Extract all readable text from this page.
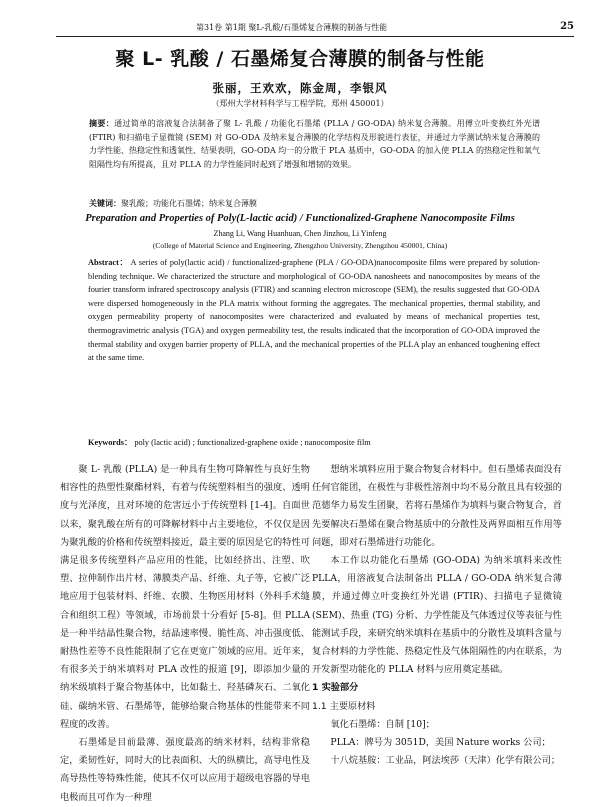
第31卷 第1期 聚L-乳酸/石墨烯复合薄膜的制备与性能	25
聚 L- 乳酸 / 石墨烯复合薄膜的制备与性能
张丽，王欢欢，陈金周，李银风
（郑州大学材料科学与工程学院，郑州 450001）
摘要：通过简单的溶液复合法制备了聚 L- 乳酸 / 功能化石墨烯 (PLLA / GO-ODA) 纳米复合薄膜。用傅立叶变换红外光谱 (FTIR) 和扫描电子显微镜 (SEM) 对 GO-ODA 及纳米复合薄膜的化学结构及形貌进行表征，并通过力学测试纳米复合薄膜的力学性能、热稳定性和透氧性、结果表明，GO-ODA 均一的分散于 PLA 基质中，GO-ODA 的加入使 PLLA 的热稳定性和氧气阻隔性均有所提高，且对 PLLA 的力学性能同时起到了增强和增韧的效果。
关键词：聚乳酸；功能化石墨烯；纳米复合薄膜
Preparation and Properties of Poly(L-lactic acid) / Functionalized-Graphene Nanocomposite Films
Zhang Li, Wang Huanhuan, Chen Jinzhou, Li Yinfeng
(College of Material Science and Engineering, Zhengzhou University, Zhengzhou 450001, China)
Abstract： A series of poly(lactic acid) / functionalized-graphene (PLA / GO-ODA)nanocomposite films were prepared by solution-blending technique. We characterized the structure and morphological of GO-ODA nanosheets and nanocomposites by means of the fourier transform infrared spectroscopy analysis (FTIR) and scanning electron microscope (SEM), the results suggested that GO-ODA were dispersed homogeneously in the PLA matrix without forming the aggregates. The mechanical properties, thermal stability, and oxygen permeability property of nanocomposites were characterized and evaluated by means of mechanical properties test, thermogravimetric analysis (TGA) and oxygen permeability test, the results indicated that the incorporation of GO-ODA improved the thermal stability and oxygen barrier property of PLLA, and the mechanical properties of the PLLA play an enhanced toughening effect at the same time.
Keywords： poly (lactic acid) ; functionalized-graphene oxide ; nanocomposite film

聚 L- 乳酸 (PLLA) 是一种具有生物可降解性与良好生物相容性的热塑性聚酯材料，有着与传统塑料相当的强度、透明度与光泽度，且对环境的危害远小于传统塑料 [1-4]。自面世以来，聚乳酸在所有的可降解材料中占主要地位，不仅仅是因为聚乳酸的价格和传统塑料接近，最主要的原因是它的特性可满足很多传统塑料产品应用的性能，比如经挤出、注塑、吹塑、拉伸制作出片材、薄膜类产品、纤维、丸子等，它被广泛地应用于包装材料、纤维、农膜、生物医用材料（外科手术缝合和组织工程）等领域，市场前景十分看好 [5-8]。但 PLLA 是一种半结晶性聚合物，结晶速率慢、脆性高、冲击强度低、耐热性差等不良性能限制了它在更宽广领域的应用。近年来，有很多关于纳米填料对 PLA 改性的报道 [9]，即添加少量的纳米级填料于聚合物基体中，比如黏土、羟基磷灰石、二氧化硅、碳纳米管、石墨烯等，能够给聚合物基体的性能带来不同程度的改善。

石墨烯是目前最薄、强度最高的纳米材料，结构非常稳定，柔韧性好，同时大的比表面积、大的纵横比，高导电性及高导热性等特殊性能，使其不仅可以应用于超级电容器的导电电极而且可作为一种理

想纳米填料应用于聚合物复合材料中。但石墨烯表面没有任何官能团，在极性与非极性溶剂中均不易分散且具有较强的范德华力易发生团聚，若将石墨烯作为填料与聚合物复合，首先要解决石墨烯在聚合物基质中的分散性及两界面相互作用等问题，即对石墨烯进行功能化。

本工作以功能化石墨烯 (GO-ODA) 为纳米填料来改性 PLLA，用溶液复合法制备出 PLLA / GO-ODA 纳米复合薄膜，并通过傅立叶变换红外光谱 (FTIR)、扫描电子显微镜 (SEM)、热重 (TG) 分析、力学性能及气体透过仪等表征与性能测试手段，来研究纳米填料在基质中的分散性及填料含量与复合材料的力学性能、热稳定性及气体阻隔性的内在联系，为开发新型功能化的 PLLA 材料与应用奠定基础。

1 实验部分

1.1 主要原材料

氧化石墨烯：自制 [10]；

PLLA：牌号为 3051D，美国 Nature works 公司；

十八烷基胺：工业品，阿法埃莎（天津）化学有限公司；
